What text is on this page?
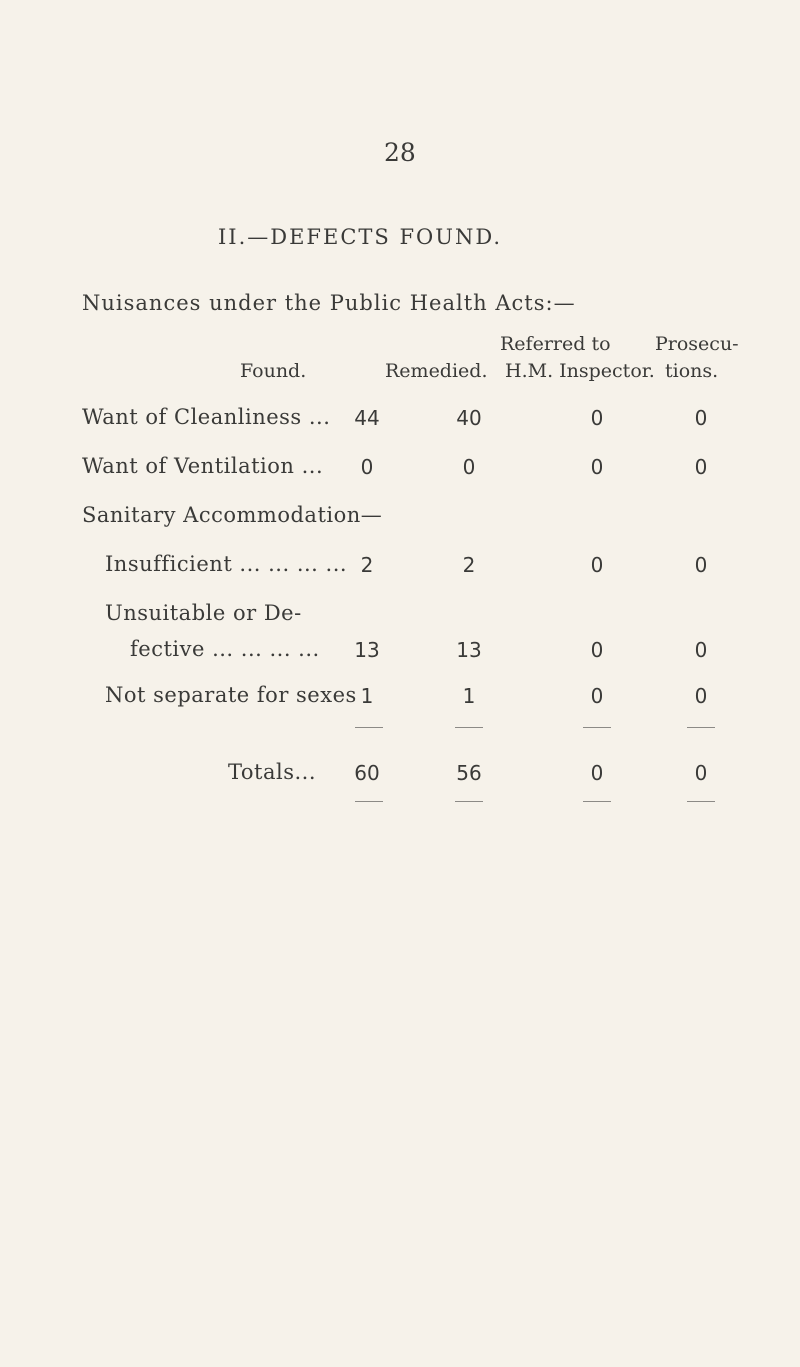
28
II.—DEFECTS FOUND.
Nuisances under the Public Health Acts:—
Referred to Prosecu-
Found.	Remedied. H.M. Inspector. tions.
Want of Cleanliness ...	44	40	0	0
Want of Ventilation ...	0	0	0	0
Sanitary Accommodation—
Insufficient ... ... ... ... 2	2	0	0
Unsuitable or De-
fective ... ... ... ...	13	13	0	0
Not separate for sexes 1	1	0	0
Totals...	60	56	0	0
